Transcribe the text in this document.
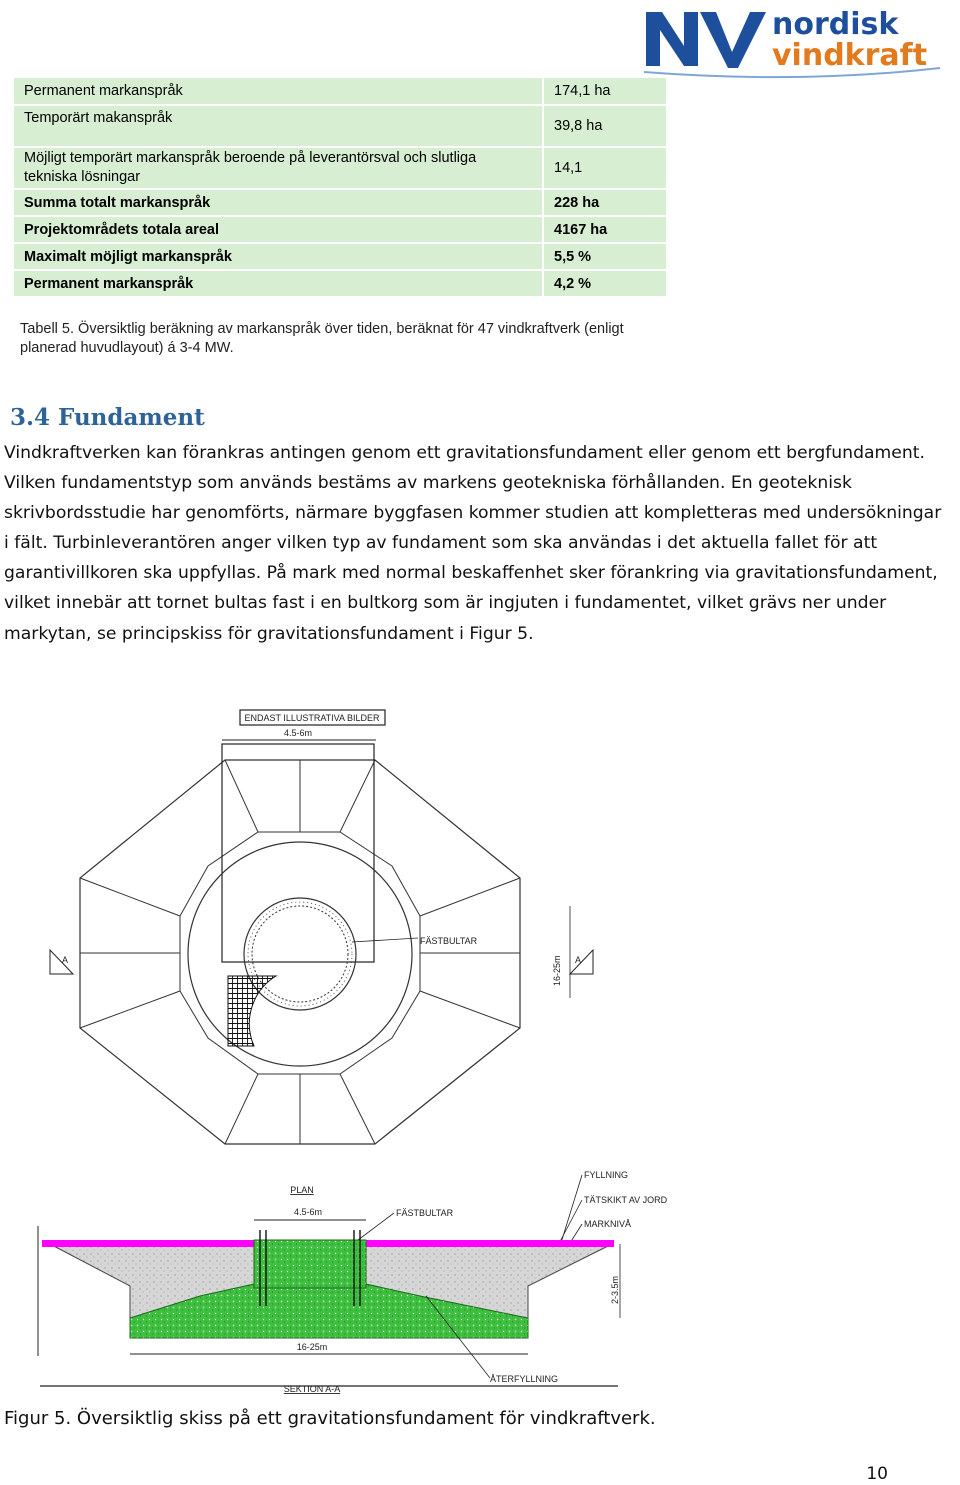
nordisk
vindkraft
Permanent markanspråk	174,1 ha
Temporärt makanspråk	39,8 ha
Möjligt temporärt markanspråk beroende på leverantörsval och slutliga tekniska lösningar	14,1
Summa totalt markanspråk	228 ha
Projektområdets totala areal	4167 ha
Maximalt möjligt markanspråk	5,5 %
Permanent markanspråk	4,2 %
Tabell 5. Översiktlig beräkning av markanspråk över tiden, beräknat för 47 vindkraftverk (enligt planerad huvudlayout) á 3-4 MW.
3.4 Fundament

Vindkraftverken kan förankras antingen genom ett gravitationsfundament eller genom ett bergfundament. Vilken fundamentstyp som används bestäms av markens geotekniska förhållanden. En geoteknisk skrivbordsstudie har genomförts, närmare byggfasen kommer studien att kompletteras med undersökningar i fält. Turbinleverantören anger vilken typ av fundament som ska användas i det aktuella fallet för att garantivillkoren ska uppfyllas. På mark med normal beskaffenhet sker förankring via gravitationsfundament, vilket innebär att tornet bultas fast i en bultkorg som är ingjuten i fundamentet, vilket grävs ner under markytan, se principskiss för gravitationsfundament i Figur 5.

ENDAST ILLUSTRATIVA BILDER
4.5-6m
FÄSTBULTAR
16-25m
A	A
PLAN
FYLLNING
TÄTSKIKT AV JORD
MARKNIVÅ
4.5-6m	FÄSTBULTAR
2-3.5m
16-25m
SEKTION A-A
ÅTERFYLLNING

Figur 5. Översiktlig skiss på ett gravitationsfundament för vindkraftverk.

10
